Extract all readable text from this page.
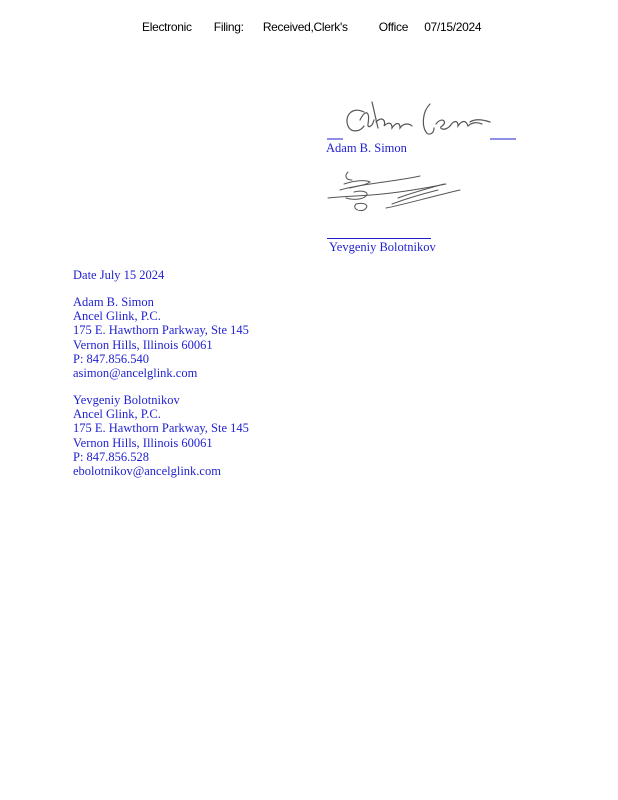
Electronic Filing: Received,Clerk's	Office 07/15/2024
Adam B. Simon
Yevgeniy Bolotnikov
Date July 15 2024
Adam B. Simon
Ancel Glink, P.C.
175 E. Hawthorn Parkway, Ste 145
Vernon Hills, Illinois 60061
P: 847.856.540
asimon@ancelglink.com
Yevgeniy Bolotnikov
Ancel Glink, P.C.
175 E. Hawthorn Parkway, Ste 145
Vernon Hills, Illinois 60061
P: 847.856.528
ebolotnikov@ancelglink.com
